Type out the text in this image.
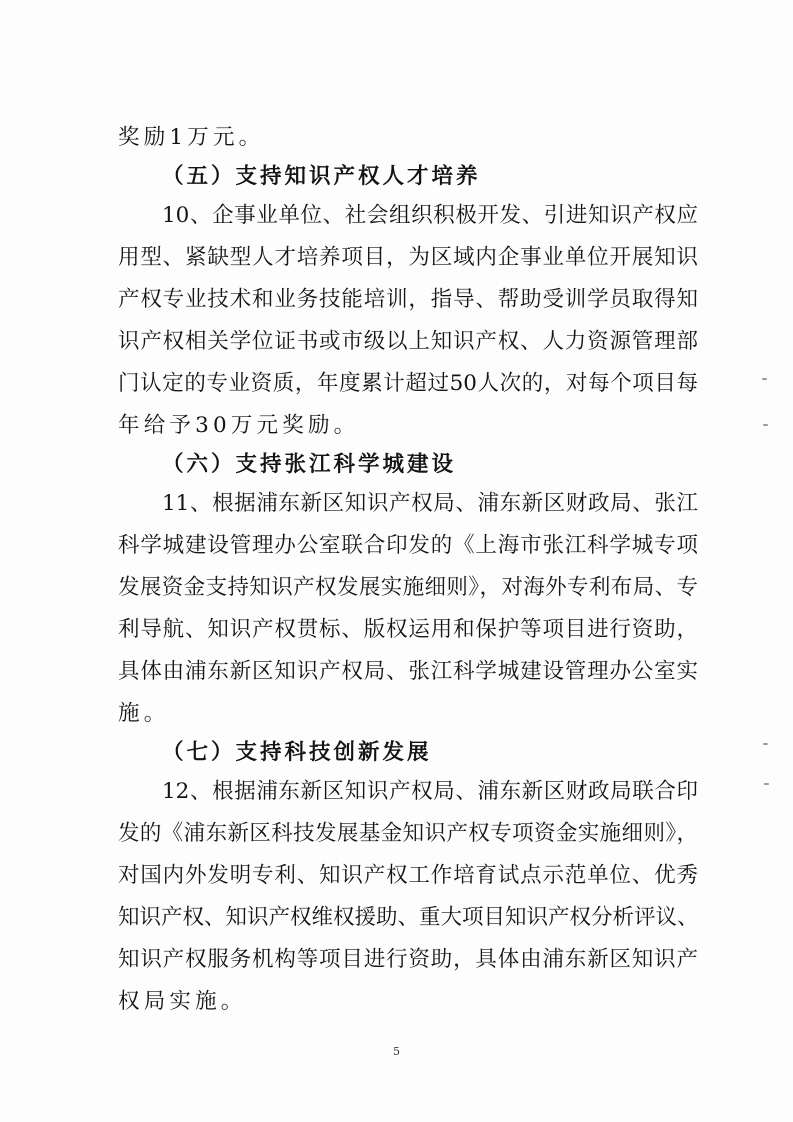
奖励1万元。

（五）支持知识产权人才培养

10、企事业单位、社会组织积极开发、引进知识产权应

用型、紧缺型人才培养项目，为区域内企事业单位开展知识

产权专业技术和业务技能培训，指导、帮助受训学员取得知

识产权相关学位证书或市级以上知识产权、人力资源管理部

门认定的专业资质，年度累计超过50人次的，对每个项目每

年给予30万元奖励。

（六）支持张江科学城建设

11、根据浦东新区知识产权局、浦东新区财政局、张江

科学城建设管理办公室联合印发的《上海市张江科学城专项

发展资金支持知识产权发展实施细则》，对海外专利布局、专

利导航、知识产权贯标、版权运用和保护等项目进行资助，

具体由浦东新区知识产权局、张江科学城建设管理办公室实

施。

（七）支持科技创新发展

12、根据浦东新区知识产权局、浦东新区财政局联合印

发的《浦东新区科技发展基金知识产权专项资金实施细则》，

对国内外发明专利、知识产权工作培育试点示范单位、优秀

知识产权、知识产权维权援助、重大项目知识产权分析评议、

知识产权服务机构等项目进行资助，具体由浦东新区知识产

权局实施。

5
